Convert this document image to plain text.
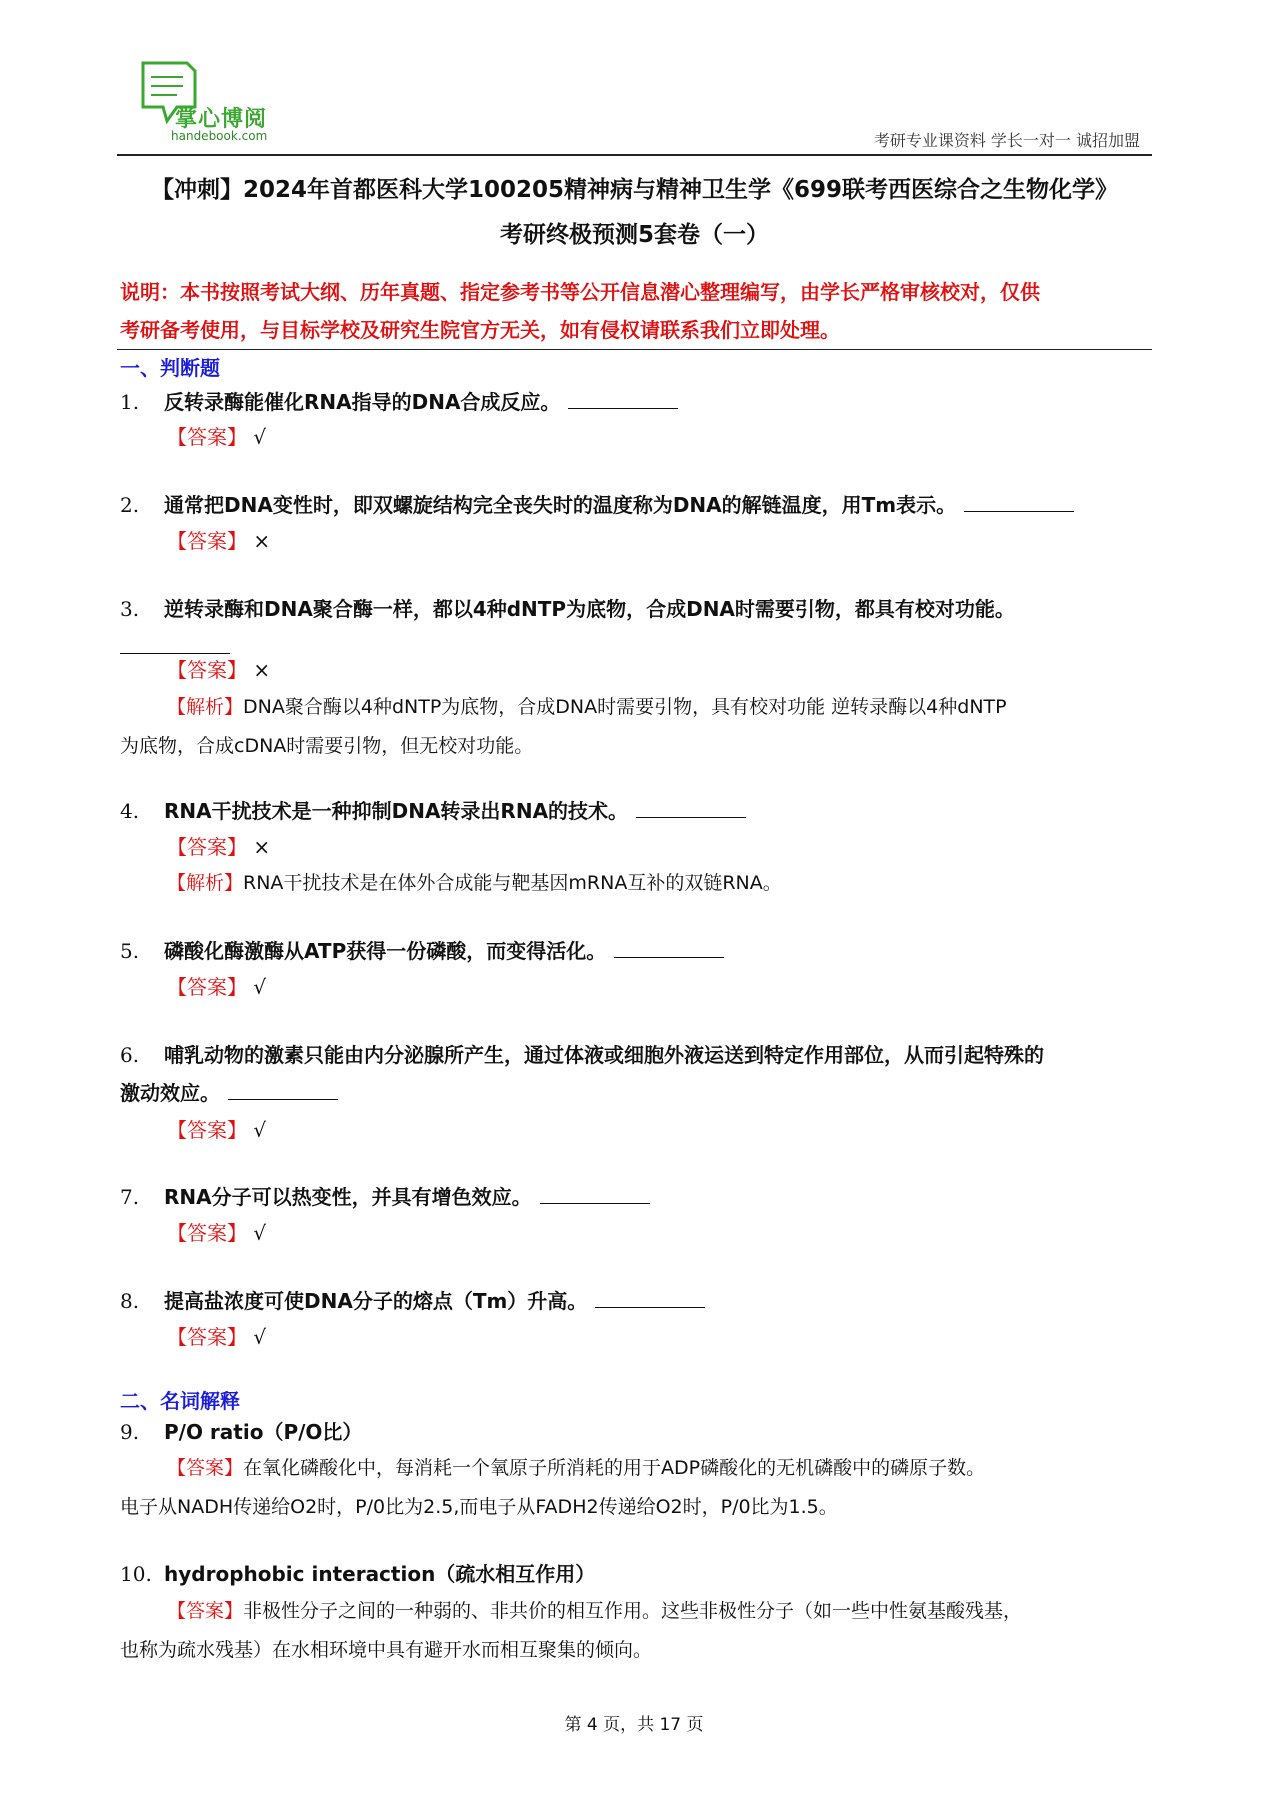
掌心博阅
handebook.com	考研专业课资料 学长一对一 诚招加盟
【冲刺】2024年首都医科大学100205精神病与精神卫生学《699联考西医综合之生物化学》
考研终极预测5套卷（一）
说明：本书按照考试大纲、历年真题、指定参考书等公开信息潜心整理编写，由学长严格审核校对，仅供
考研备考使用，与目标学校及研究生院官方无关，如有侵权请联系我们立即处理。
一、判断题
1. 反转录酶能催化RNA指导的DNA合成反应。
【答案】 √
2. 通常把DNA变性时，即双螺旋结构完全丧失时的温度称为DNA的解链温度，用Tm表示。
【答案】 ×
3. 逆转录酶和DNA聚合酶一样，都以4种dNTP为底物，合成DNA时需要引物，都具有校对功能。

【答案】 ×
【解析】DNA聚合酶以4种dNTP为底物，合成DNA时需要引物，具有校对功能 逆转录酶以4种dNTP
为底物，合成cDNA时需要引物，但无校对功能。
4. RNA干扰技术是一种抑制DNA转录出RNA的技术。
【答案】 ×
【解析】RNA干扰技术是在体外合成能与靶基因mRNA互补的双链RNA。
5. 磷酸化酶激酶从ATP获得一份磷酸，而变得活化。
【答案】 √
6. 哺乳动物的激素只能由内分泌腺所产生，通过体液或细胞外液运送到特定作用部位，从而引起特殊的
激动效应。
【答案】 √
7. RNA分子可以热变性，并具有增色效应。
【答案】 √
8. 提高盐浓度可使DNA分子的熔点（Tm）升高。
【答案】 √
二、名词解释
9. P/O ratio（P/O比）
【答案】在氧化磷酸化中，每消耗一个氧原子所消耗的用于ADP磷酸化的无机磷酸中的磷原子数。
电子从NADH传递给O2时，P/0比为2.5,而电子从FADH2传递给O2时，P/0比为1.5。
10. hydrophobic interaction（疏水相互作用）
【答案】非极性分子之间的一种弱的、非共价的相互作用。这些非极性分子（如一些中性氨基酸残基，
也称为疏水残基）在水相环境中具有避开水而相互聚集的倾向。
第 4 页，共 17 页
